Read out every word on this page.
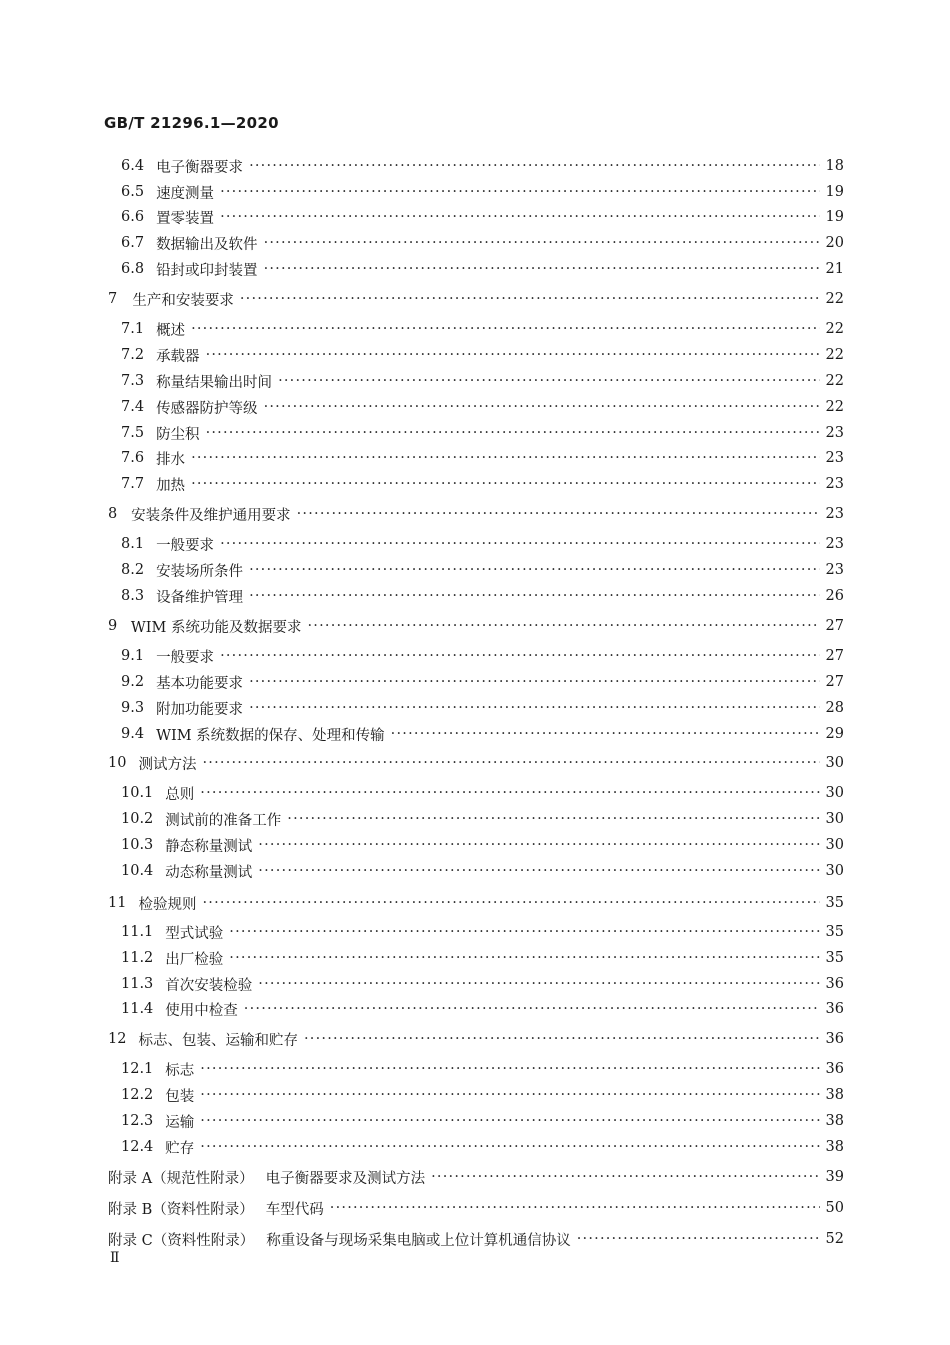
GB/T 21296.1—2020
6.4 电子衡器要求 ·····	18
6.5 速度测量 ·····	19
6.6 置零装置 ·····	19
6.7 数据输出及软件 ·····	20
6.8 铅封或印封装置 ·····	21
7	生产和安装要求 ·····	22
7.1 概述 ·····	22
7.2 承载器 ·····	22
7.3 称量结果输出时间 ·····	22
7.4 传感器防护等级 ·····	22
7.5 防尘积 ·····	23
7.6 排水 ·····	23
7.7 加热 ·····	23
8 安装条件及维护通用要求 ·····	23
8.1 一般要求 ·····	23
8.2 安装场所条件 ·····	23
8.3 设备维护管理 ·····	26
9 WIM 系统功能及数据要求 ·····	27
9.1 一般要求 ·····	27
9.2 基本功能要求 ·····	27
9.3 附加功能要求 ·····	28
9.4 WIM 系统数据的保存、处理和传输 ·····	29
10 测试方法 ·····	30
10.1 总则 ·····	30
10.2 测试前的准备工作 ·····	30
10.3 静态称量测试 ·····	30
10.4 动态称量测试 ·····	30
11 检验规则 ·····	35
11.1 型式试验 ·····	35
11.2 出厂检验 ·····	35
11.3 首次安装检验 ·····	36
11.4 使用中检查 ·····	36
12 标志、包装、运输和贮存 ·····	36
12.1 标志 ·····	36
12.2 包装 ·····	38
12.3 运输 ·····	38
12.4 贮存 ·····	38
附录 A（规范性附录） 电子衡器要求及测试方法 ·····	39
附录 B（资料性附录） 车型代码 ·····	50
附录 C（资料性附录） 称重设备与现场采集电脑或上位计算机通信协议 ·····	52
Ⅱ
